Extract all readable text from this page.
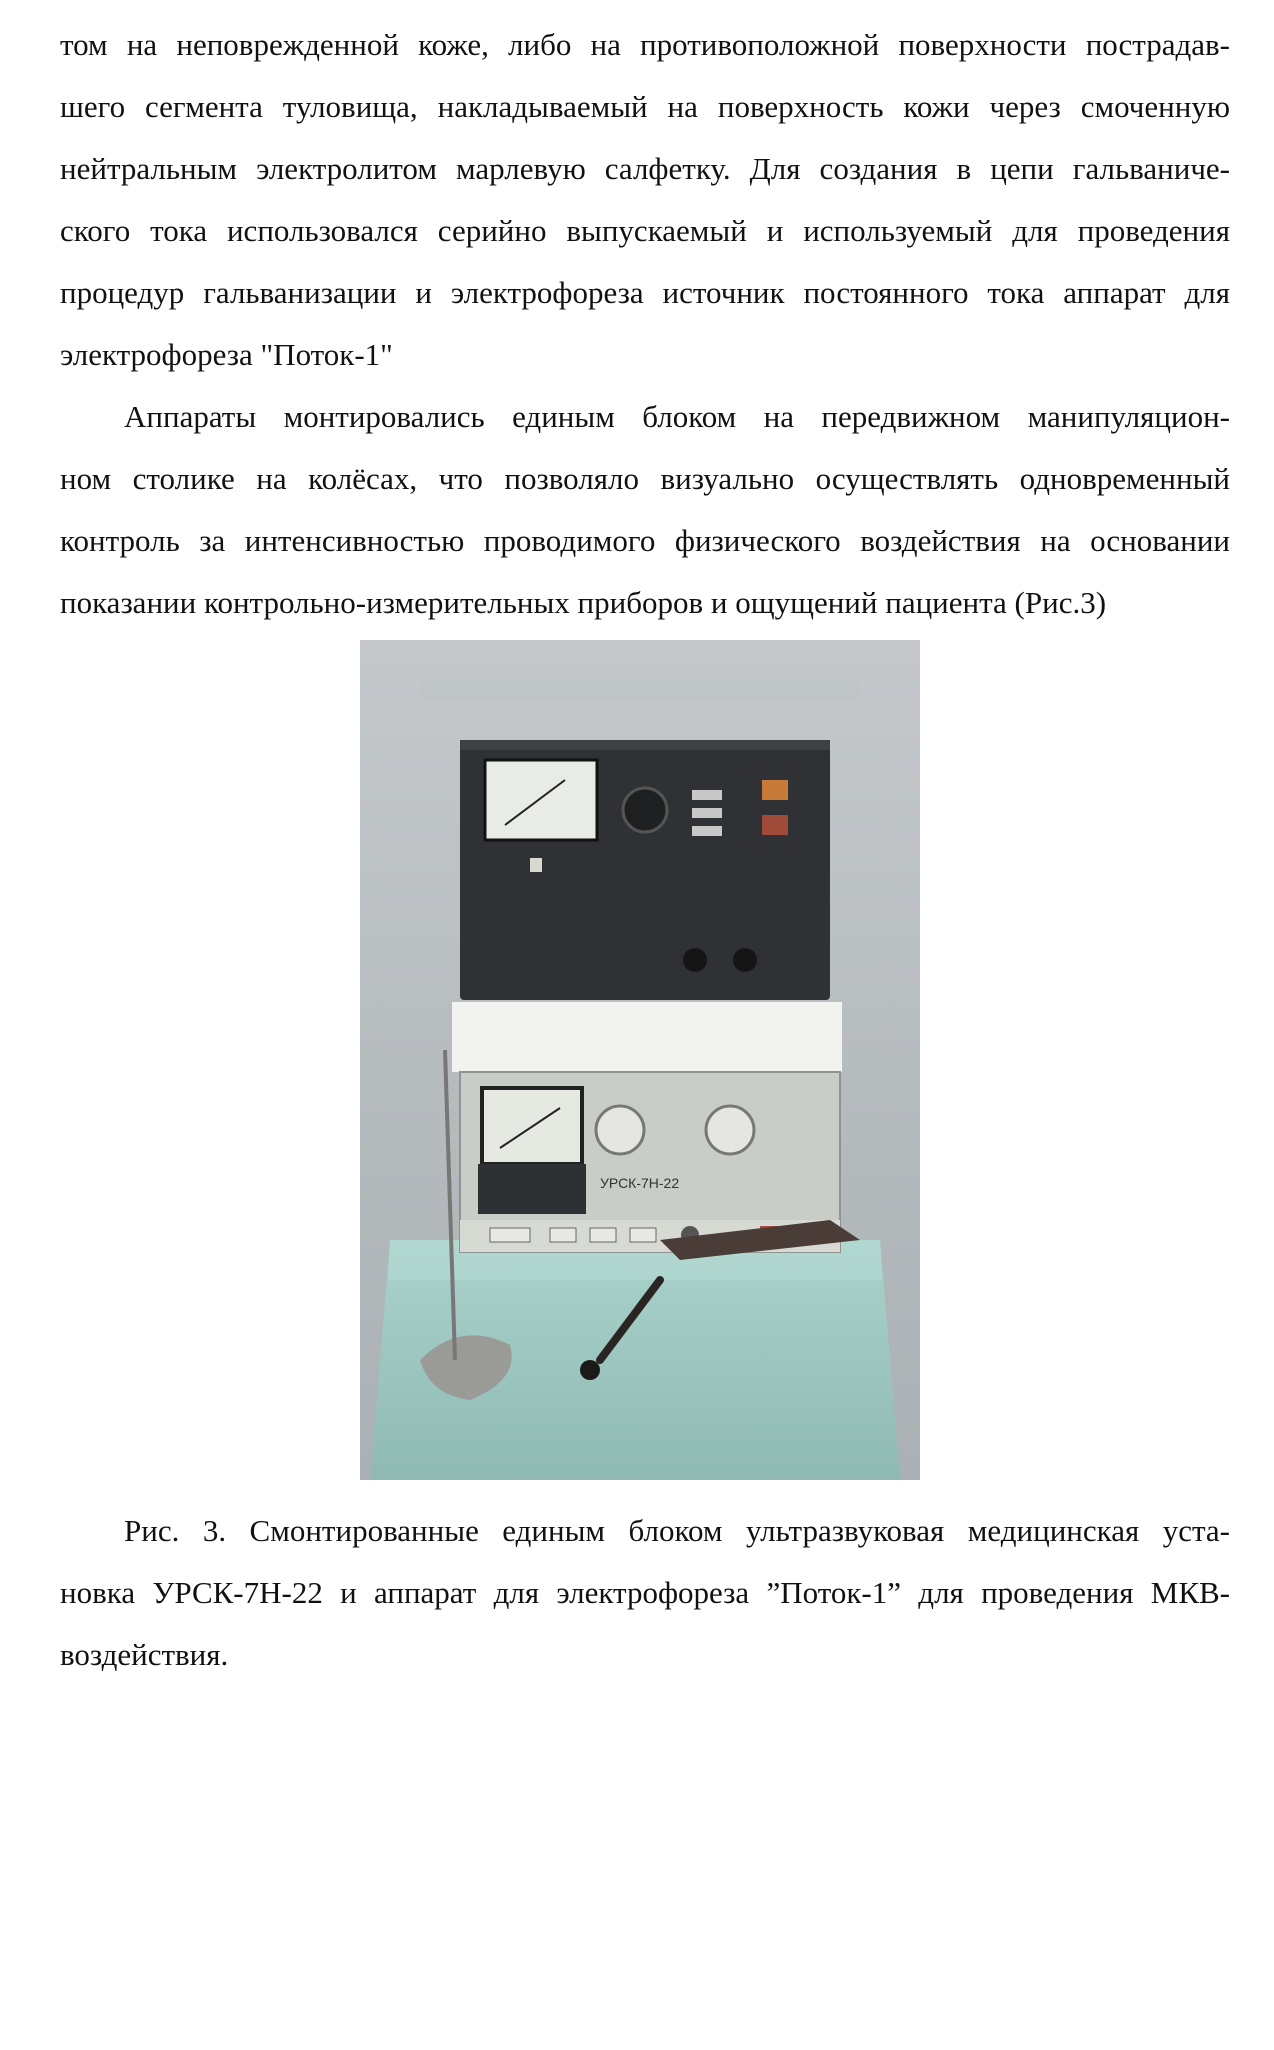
том на неповрежденной коже, либо на противоположной поверхности пострадав-
шего сегмента туловища, накладываемый на поверхность кожи через смоченную
нейтральным электролитом марлевую салфетку. Для создания в цепи гальваниче-
ского тока использовался серийно выпускаемый и используемый для проведения
процедур гальванизации и электрофореза источник постоянного тока аппарат для
электрофореза "Поток-1"
Аппараты монтировались единым блоком на передвижном манипуляцион-
ном столике на колёсах, что позволяло визуально осуществлять одновременный
контроль за интенсивностью проводимого физического воздействия на основании
показании контрольно-измерительных приборов и ощущений пациента (Рис.3)
УРСК-7Н-22
Рис. 3. Смонтированные единым блоком ультразвуковая медицинская уста-
новка УРСК-7Н-22 и аппарат для электрофореза ”Поток-1” для проведения МКВ-
воздействия.
